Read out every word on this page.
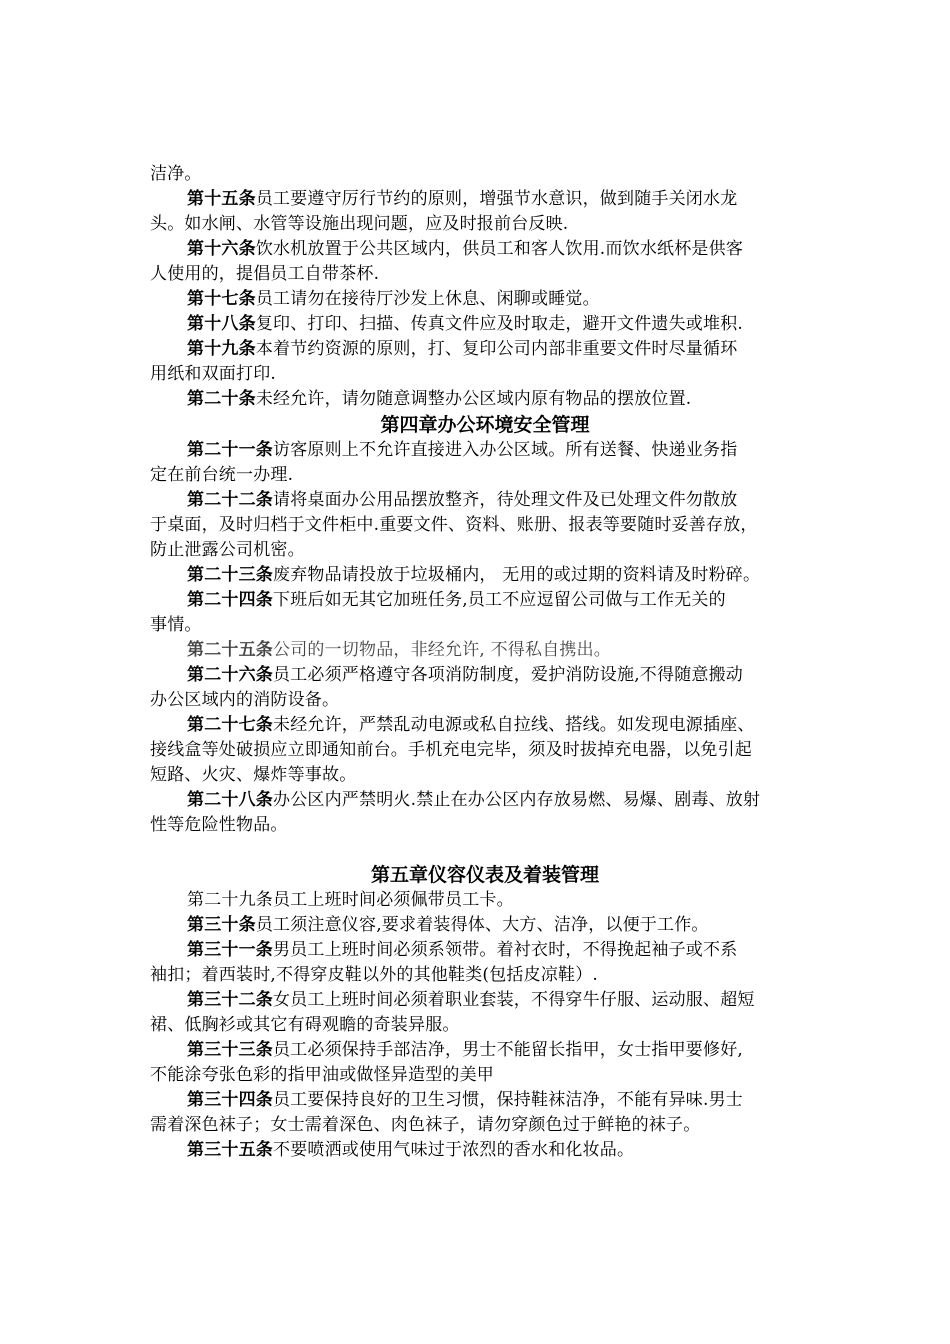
洁净。
第十五条员工要遵守厉行节约的原则，增强节水意识，做到随手关闭水龙
头。如水闸、水管等设施出现问题，应及时报前台反映.
第十六条饮水机放置于公共区域内，供员工和客人饮用.而饮水纸杯是供客
人使用的，提倡员工自带茶杯.
第十七条员工请勿在接待厅沙发上休息、闲聊或睡觉。
第十八条复印、打印、扫描、传真文件应及时取走，避开文件遗失或堆积.
第十九条本着节约资源的原则，打、复印公司内部非重要文件时尽量循环
用纸和双面打印.
第二十条未经允许，请勿随意调整办公区域内原有物品的摆放位置.
第四章办公环境安全管理
第二十一条访客原则上不允许直接进入办公区域。所有送餐、快递业务指
定在前台统一办理.
第二十二条请将桌面办公用品摆放整齐，待处理文件及已处理文件勿散放
于桌面，及时归档于文件柜中.重要文件、资料、账册、报表等要随时妥善存放，
防止泄露公司机密。
第二十三条废弃物品请投放于垃圾桶内， 无用的或过期的资料请及时粉碎。
第二十四条下班后如无其它加班任务,员工不应逗留公司做与工作无关的
事情。
第二十五条公司的一切物品，非经允许, 不得私自携出。
第二十六条员工必须严格遵守各项消防制度，爱护消防设施,不得随意搬动
办公区域内的消防设备。
第二十七条未经允许，严禁乱动电源或私自拉线、搭线。如发现电源插座、
接线盒等处破损应立即通知前台。手机充电完毕，须及时拔掉充电器，以免引起
短路、火灾、爆炸等事故。
第二十八条办公区内严禁明火.禁止在办公区内存放易燃、易爆、剧毒、放射
性等危险性物品。
第五章仪容仪表及着装管理
第二十九条员工上班时间必须佩带员工卡。
第三十条员工须注意仪容,要求着装得体、大方、洁净，以便于工作。
第三十一条男员工上班时间必须系领带。着衬衣时，不得挽起袖子或不系
袖扣；着西装时,不得穿皮鞋以外的其他鞋类(包括皮凉鞋）.
第三十二条女员工上班时间必须着职业套装，不得穿牛仔服、运动服、超短
裙、低胸衫或其它有碍观瞻的奇装异服。
第三十三条员工必须保持手部洁净，男士不能留长指甲，女士指甲要修好,
不能涂夸张色彩的指甲油或做怪异造型的美甲
第三十四条员工要保持良好的卫生习惯，保持鞋袜洁净，不能有异味.男士
需着深色袜子；女士需着深色、肉色袜子，请勿穿颜色过于鲜艳的袜子。
第三十五条不要喷洒或使用气味过于浓烈的香水和化妆品。
